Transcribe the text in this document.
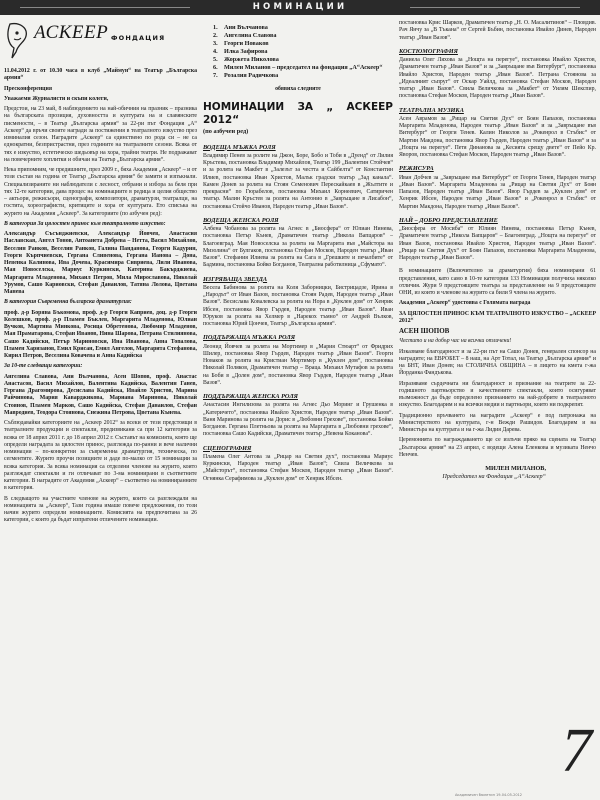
НОМИНАЦИИ
АСКЕЕР ФОНДАЦИЯ

11.04.2012 г. от 10.30 часа в клуб „Маймун“ на Театър „Българска армия“

Пресконференция

Уважаеми Журналисти и скъпи колеги,

Предстои, на 23 май, 8 наблюдението на най-обичния на празник – празника на българската прозиция, духовността и културата на и славянските писмености, – в Театър „Българска армия“ за 22-ри път Фондация „А“ Аскеер“ да връчи своите награди за постижения в театралното изкуство през изминалия сезон. Наградите „Аскеер“ са единствено по рода си – не са еднократни, безпристрастни, през годините на театралните сезони. Всяка от тях е изкуство, естетическо шедьовър на хора, трайни театри. Не подражават на повечерните хоплитки и обичаи на Театър „Българска армия“.

Нека припомним, че предишните, през 2009 г., бяха Академия „Аскеер“ – и от този състав на година от Театър „Българска армия“ бе замити и изпъкнали. Специализираните ни наблюдатели с лесност, отбрани и избора за беля при тях 12-те категории, дава процес на номинациите в редица и целия общество – актьори, режисьори, сценографи, композитори, драматурзи, театралци, на гостита, хореографисти, критиците и хора от културата. Ето списъка на журито на Академия „Аскеер“. За категориите (по азбучен ред):

В категория За цялостен принос към театралното изкуство:

Александър Съсънджиевски, Александър Йовчев, Анастасия Наславская, Ангел Тонов, Антоанета Добрева – Нетта, Васил Михайлов, Веселин Ранков, Веселин Ранков, Галина Панданова, Георги Кадурин, Георги Кърпчиевски, Гергана Сливенова, Гергана Ианова – Дона, Невенка Калинова, Ива Дочева, Красимира Сивриева, Лили Иванова, Мая Новоселска, Мариус Куркински, Катерина Бакърджиева, Маргарита Младенова, Михаил Петров, Мила Мирославова, Николай Урумов, Сашо Кариовски, Стефан Данаилов, Татяна Лолова, Цветана Манева

В категория Съвременна българска драматургия:

проф. д-р Боряна Бъкомова, проф. д-р Георги Каприев, доц. д-р Георги Колешков, проф. д-р Пламен Бъклев, Маргарита Младенова, Юлиан Вучков, Мартина Минкова, Росица Обретенова, Любомир Младенов, Мая Праматарова, Стефан Иванов, Нина Шарова, Петрана Стилиянова, Сашо Кадийски, Петър Мариновски, Ина Иванова, Анна Топалова, Пламен Харизанов, Емил Крисан, Емил Ангелов, Маргарита Стефанова, Кирил Петров, Веселина Ковачева и Анна Кадийска

За 10-те следващи категории:

Ангелина Славова, Ани Вълчанова, Асен Шопов, проф. Анастас Анастасов, Васил Михайлов, Валентина Кадийска, Валентин Ганев, Гергана Драгомирова, Десислава Кадийска, Ивайло Христов, Марина Райчинова, Мария Каварджикова, Мариана Маринова, Николай Стоянов, Пламен Марков, Сашо Кадийска, Стефан Данаилов, Стефан Мавродиев, Теодора Стоянова, Снежина Петрова, Цветана Кънева.

Съблюдавайки категориите на „Аскеер 2012“ за всеки от тези предстоящи в театралните продукции и спектакли, предизвикани са при 12 категории за всяка от 18 април 2011 г. до 18 април 2012 г. Съставът на комисията, която ще определи наградата за цялостен принос, разглежда по-ранни и вече налични номинации – по-конкретни за съвременна драматургия, техническа, по сегментите. Журито проучи позициите и даде по-малко от 15 номинации за всяка категория. За всяка номинация са отделени членове на журито, които разглеждат спектакли и ги отличават по 3-ма номинирани в съответните категории. В наградите от Академия „Аскеер“ – съответно на номиниранните в категория.

В следващото на участните членове на журито, които са разглеждали на номинацията за „Аскеер“, Тази година имаше повече предложения, по този начин журито определи номинациите. Комисията на предпочитана за 26 категории, с които да бъдат изпратени отличените номинации.

1. Ани Вълчанова
2. Ангелина Славова
3. Георги Новаков
4. Илка Зафирова
5. Жоржета Николова
6. Милен Миланов – председател на фондация „А“Аскеер“
7. Розалия Радичкова

обявиха следните

НОМИНАЦИИ ЗА „ АСКЕЕР 2012“
(по азбучен ред)
ВОДЕЩА МЪЖКА РОЛЯ

Владимир Пенев за ролите на Джон, Боре, Бобо и Тоби в „Дуенд“ от Лилия Кръстева, постановка Владимир Михайлов, Театър 199 „Валентин Стойчев“ и за ролята на Макбет в „Залезът за честта и Сайбелта“ от Константин Илиев, постановка Иван Христов, Малък градски театър „Зад канала“. Камен Донев за ролята на Стоян Семенович Перескайкаев в „Жълтите и прекрасни“ по Гюрабелов, постановка Михаил Корнеевич, Сатиричен театър. Малин Кръстев за ролята на Антонио в „Завръщане в Лисабон“, постановка Стойчо Иванов, Народен театър „Иван Вазов“.

ВОДЕЩА ЖЕНСКА РОЛЯ

Албена Чобанова за ролята на Агнес в „Биосфера“ от Юлиан Нинева, постановка Петър Кънев, Драматичен театър „Никола Вапцаров“ – Благоевград. Мая Новоселска за ролята на Маргарита във „Майстора на Мизолина“ от Булгаков, постановка Стефан Москов, Народен театър „Иван Вазов“. Стефания Илиева за ролята на Сага в „Грешките и печалбите“ от Бадмина, постановка Бойко Богданов, Театрална работилница „Сфумато“.

ИЗГРЯВАЩА ЗВЕЗДА

Весела Бабинова за ролята на Коля Заборницки, Бистрицадзе, Ирина в „Народът“ от Иван Вазов, постановка Стоян Радев, Народен театър „Иван Вазов“. Весислава Ковалевска за ролята на Нора в „Куклен дом“ от Хенрик Ибсен, постановка Явор Гърдев, Народен театър „Иван Вазов“. Иван Юруков за ролята на Хелмер в „Нарекох тъмно“ от Андрей Вълков, постановка Юрий Цончев, Театър „Българска армия“.

ПОДДЪРЖАЩА МЪЖКА РОЛЯ

Леонид Йовчев за ролята на Мортимер в „Мария Стюарт“ от Фридрих Шилер, постановка Явор Гърдев, Народен театър „Иван Вазов“. Георги Новаков за ролята на Кристиан Мортимер в „Куклен дом“, постановка Николай Поляков, Драматичен театър – Враца. Михаил Мутафов за ролята на Боби в „Долен дом“, постановка Явор Гърдев, Народен театър „Иван Вазов“.

ПОДДЪРЖАЩА ЖЕНСКА РОЛЯ

Анастасия Ингилизова за ролята на Агнес Дьо Моринг и Грушенка в „Катеричето“, постановка Ивайло Христов, Народен театър „Иван Вазов“. Ваня Маринова за ролята на Дорис в „Любовни Грехове“, постановка Бойко Богданов. Гергана Плетньова за ролята на Маргарита в „Любовни грехове“, постановка Сашо Кадийски, Драматичен театър „Невена Коканова“.

СЦЕНОГРАФИЯ

Пламена Олег Антова за „Рицар на Светия дух“, постановка Мариус Куркински, Народен театър „Иван Вазов“; Свила Величкова за „Майсторът“, постановка Стефан Москов, Народен театър „Иван Вазов“. Огнянка Серафимова за „Куклен дом“ от Хенрик Ибсен.

постановка Крис Шарков, Драматичен театър „Н. О. Масалитинов“ – Пловдив. Рач Янчу за „В Тъкана“ от Сергей Бъбин, постановка Ивайло Динев, Народен театър „Иван Вазов“.

КОСТЮМОГРАФИЯ

Даниела Олег Ляхова за „Нощта на перегуе“, постановка Ивайло Христов, Драматичен театър „Иван Вазов“ и за „Завръщане във Витербург“, постановка Ивайло Христов, Народен театър „Иван Вазов“. Петрана Стоянова за „Идеалният съпруг“ от Оскар Уайлд, постановка Стефан Москов, Народен театър „Иван Вазов“. Свила Величкова за „Макбет“ от Уилям Шекспир, постановка Стефан Москов, Народен театър „Иван Вазов“.

ТЕАТРАЛНА МУЗИКА

Асен Аврамов за „Рицар на Светия Дух“ от Боян Папазов, постановка Маргарита Младенова, Народен театър „Иван Вазов“ и за „Завръщане във Витербург“ от Георги Тенев. Калин Николов за „Рокенрол в Стъбис“ от Мартин Макдона, постановка Явор Гърдев, Народен театър „Иван Вазов“ и за „Нощта на перегуе“. Петя Динанова за „Кесията срещу двете“ от Пейо Кр. Яворов, постановка Стефан Москов, Народен театър „Иван Вазов“.

РЕЖИСУРА

Иван Добчев за „Завръщане във Витербург“ от Георги Тенев, Народен театър „Иван Вазов“. Маргарита Младенова за „Рицар на Светия Дух“ от Боян Папазов, Народен театър „Иван Вазов“. Явор Гърдев за „Куклен дом“ от Хенрик Ибсен, Народен театър „Иван Вазов“ и „Рокенрол в Стъбис“ от Мартин Макдона, Народен театър „Иван Вазов“.

НАЙ – ДОБРО ПРЕДСТАВЛЕНИЕ

„Биосфера от Мосиба“ от Юлиян Нинева, постановка Петър Кънев, Драматичен театър „Никола Вапцаров“ – Благоевград. „Нощта на перегуе“ от Иван Вазов, постановка Ивайло Христов, Народен театър „Иван Вазов“. „Рицар на Светия Дух“ от Боян Папазов, постановка Маргарита Младенова, Народен театър „Иван Вазов“.

В номинациите (Включително за драматургия) бяха номинирани 61 представления, като само в 10-те категории 133 Номинации получиха няколко отличия. Жури 9 предстоящите театъра за представление на 9 предстоящите ОНИ, из които и членове на журито са били 9 члена на журито.

Академия „Аскеер“ удостоява с Голямата награда

ЗА ЦЯЛОСТЕН ПРИНОС КЪМ ТЕАТРАЛНОТО ИЗКУСТВО – „АСКЕЕР 2012“

АСЕН ШОПОВ

Честито и на добър час на всички отличени!

Изказваме благодарност и за 22-ри път на Сашо Донев, генерален спонсор на наградите; на ЕВРОБЕТ – 8 наш, на Арт Тотал, на Театър „Българска армия“ и на БНТ, Иван Донев; на СТОЛИЧНА ОБЩИНА – в лицето на кмета г-жа Йорданка Фандъкова.

Изразяваме сърдечната ни благодарност и признание на театрите за 22-годишното партньорство и качествените спектакли, които осигуряват възможност да бъде определено признанието на най-добрите в театралното изкуство. Благодарим и на всички медии и партньори, които ни подкрепят.

Традиционно връчването на наградите „Аскеер“ е под патронажа на Министерството на културата, г-н Вежди Рашидов. Благодарим и на Министъра на културата и на г-жа Лидия Дарева.

Церемонията по награждаването ще се излъчи пряко на сцената на Театър „Българска армия“ на 23 април, с водещи Алена Еленкова и музиката Ненчо Ненчев.

МИЛЕН МИЛАНОВ,
Председател на Фондация „А“Аскеер“
7
Aкадемичен бюлетин 19-04-05-2012
